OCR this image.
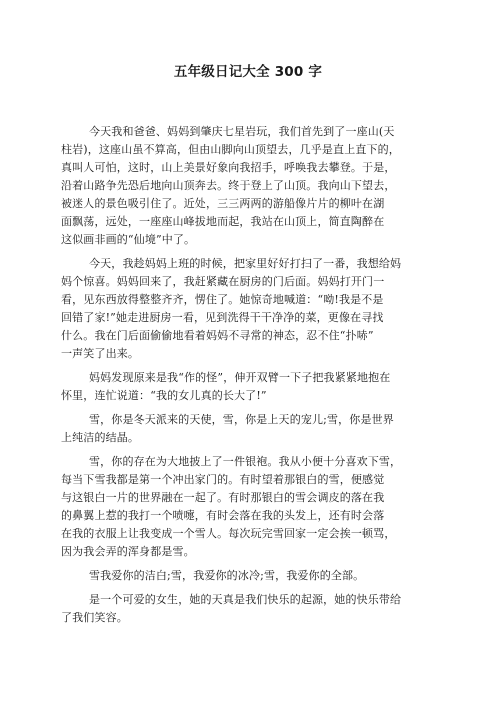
五年级日记大全 300 字
今天我和爸爸、妈妈到肇庆七星岩玩，我们首先到了一座山(天
柱岩)，这座山虽不算高，但由山脚向山顶望去，几乎是直上直下的，
真叫人可怕，这时，山上美景好象向我招手，呼唤我去攀登。于是，
沿着山路争先恐后地向山顶奔去。终于登上了山顶。我向山下望去，
被迷人的景色吸引住了。近处，三三两两的游船像片片的柳叶在湖
面飘荡，远处，一座座山峰拔地而起，我站在山顶上，简直陶醉在
这似画非画的“仙境”中了。
今天，我趁妈妈上班的时候，把家里好好打扫了一番，我想给妈
妈个惊喜。妈妈回来了，我赶紧藏在厨房的门后面。妈妈打开门一
看，见东西放得整整齐齐，愣住了。她惊奇地喊道：“呦!我是不是
回错了家!”她走进厨房一看，见到洗得干干净净的菜，更像在寻找
什么。我在门后面偷偷地看着妈妈不寻常的神态，忍不住“扑哧”
一声笑了出来。
妈妈发现原来是我“作的怪”，伸开双臂一下子把我紧紧地抱在
怀里，连忙说道：“我的女儿真的长大了!”
雪，你是冬天派来的天使，雪，你是上天的宠儿;雪，你是世界
上纯洁的结晶。
雪，你的存在为大地披上了一件银袍。我从小便十分喜欢下雪，
每当下雪我都是第一个冲出家门的。有时望着那银白的雪，便感觉
与这银白一片的世界融在一起了。有时那银白的雪会调皮的落在我
的鼻翼上惹的我打一个喷嚏，有时会落在我的头发上，还有时会落
在我的衣服上让我变成一个雪人。每次玩完雪回家一定会挨一顿骂，
因为我会弄的浑身都是雪。
雪我爱你的洁白;雪，我爱你的冰冷;雪，我爱你的全部。
是一个可爱的女生，她的天真是我们快乐的起源，她的快乐带给
了我们笑容。
